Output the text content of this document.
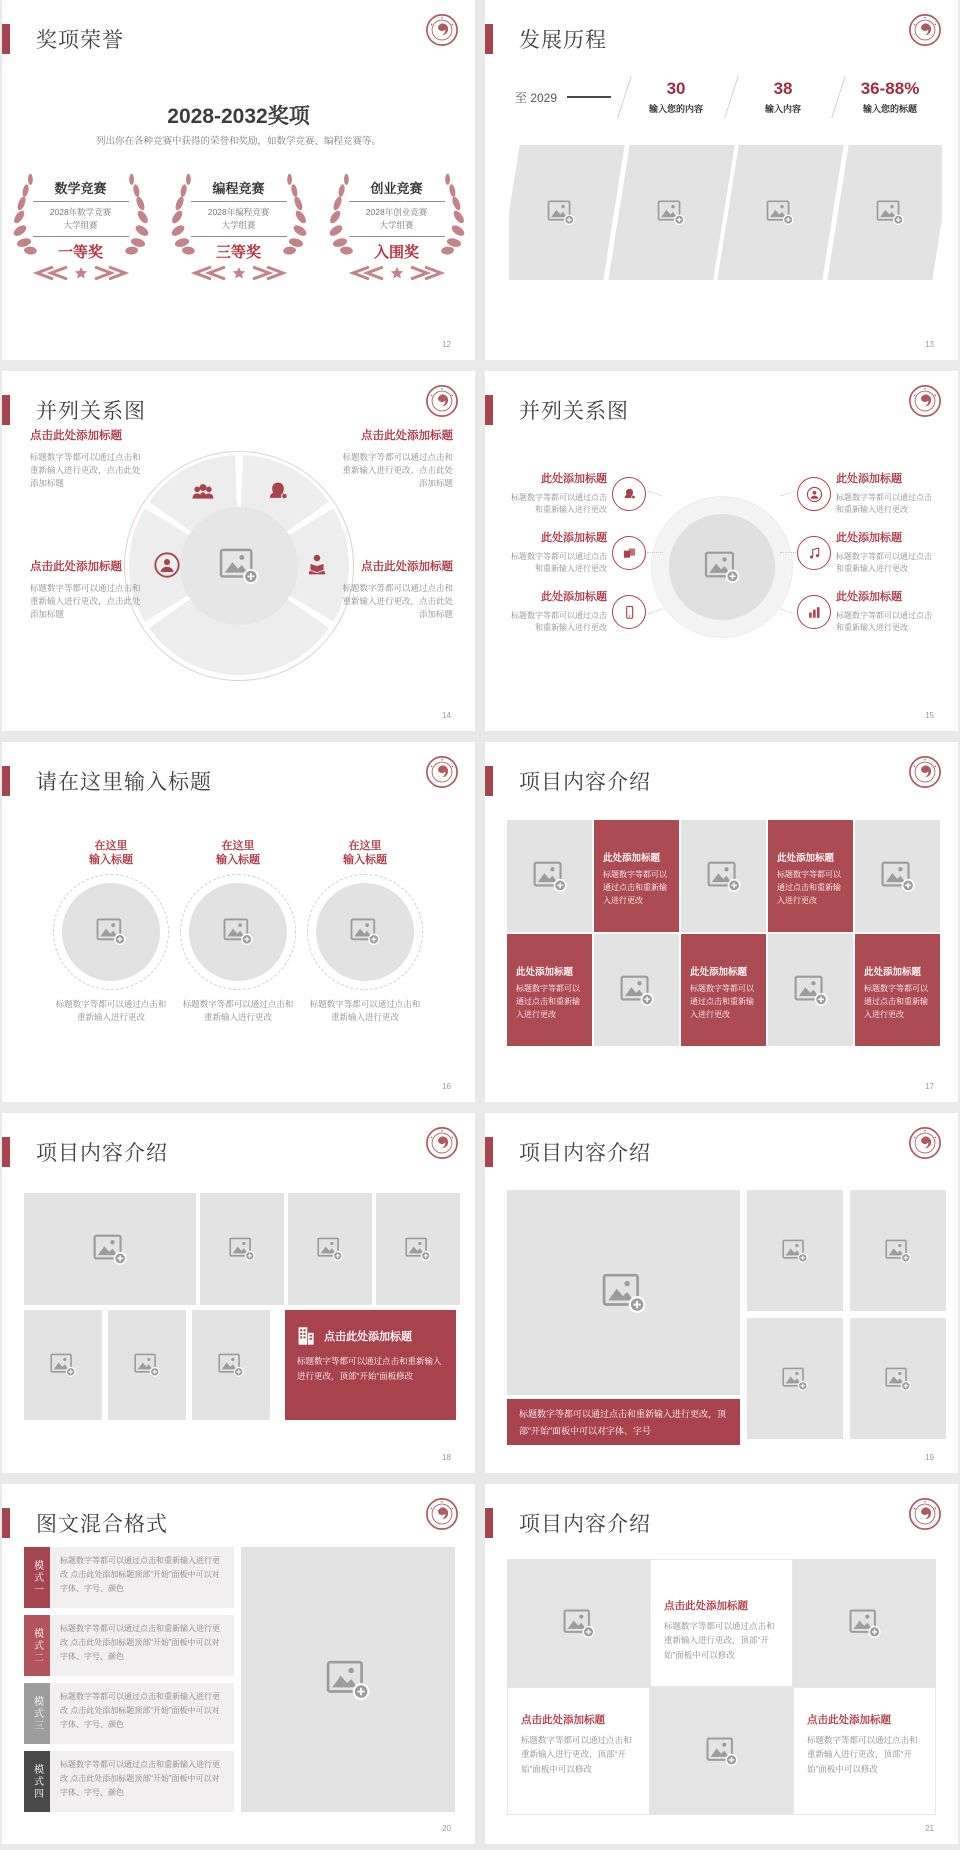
奖项荣誉
2028-2032奖项
列出你在各种竞赛中获得的荣誉和奖励，如数学竞赛、编程竞赛等。
数学竞赛
2028年数学竞赛
大学组赛
一等奖
编程竞赛
2028年编程竞赛
大学组赛
三等奖
创业竞赛
2028年创业竞赛
大学组赛
入围奖
12
发展历程
至 2029	30
输入您的内容
38
输入内容
36-88%
输入您的标题
13
并列关系图
点击此处添加标题
标题数字等都可以通过点击和重新输入进行更改，点击此处添加标题
点击此处添加标题
标题数字等都可以通过点击和重新输入进行更改，点击此处添加标题
点击此处添加标题
标题数字等都可以通过点击和重新输入进行更改，点击此处添加标题
点击此处添加标题
标题数字等都可以通过点击和重新输入进行更改，点击此处添加标题
14
并列关系图
此处添加标题
标题数字等都可以通过点击和重新输入进行更改
此处添加标题
标题数字等都可以通过点击和重新输入进行更改
此处添加标题
标题数字等都可以通过点击和重新输入进行更改
此处添加标题
标题数字等都可以通过点击和重新输入进行更改
此处添加标题
标题数字等都可以通过点击和重新输入进行更改
此处添加标题
标题数字等都可以通过点击和重新输入进行更改
15
请在这里输入标题
在这里
输入标题
标题数字等都可以通过点击和重新输入进行更改
在这里
输入标题
标题数字等都可以通过点击和重新输入进行更改
在这里
输入标题
标题数字等都可以通过点击和重新输入进行更改
16
项目内容介绍
此处添加标题
标题数字等都可以通过点击和重新输入进行更改
此处添加标题
标题数字等都可以通过点击和重新输入进行更改
此处添加标题
标题数字等都可以通过点击和重新输入进行更改
此处添加标题
标题数字等都可以通过点击和重新输入进行更改
此处添加标题
标题数字等都可以通过点击和重新输入进行更改
17
项目内容介绍
点击此处添加标题
标题数字等都可以通过点击和重新输入进行更改，顶部“开始”面板修改
18
项目内容介绍
标题数字等都可以通过点击和重新输入进行更改，顶部“开始”面板中可以对字体、字号
19
图文混合格式
模式一	标题数字等都可以通过点击和重新输入进行更改 点击此处添加标题顶部“开始”面板中可以对字体、字号、颜色
模式二	标题数字等都可以通过点击和重新输入进行更改 点击此处添加标题顶部“开始”面板中可以对字体、字号、颜色
模式三	标题数字等都可以通过点击和重新输入进行更改 点击此处添加标题顶部“开始”面板中可以对字体、字号、颜色
模式四	标题数字等都可以通过点击和重新输入进行更改 点击此处添加标题顶部“开始”面板中可以对字体、字号、颜色
20
项目内容介绍
点击此处添加标题
标题数字等都可以通过点击和重新输入进行更改，顶部“开始”面板中可以修改
点击此处添加标题
标题数字等都可以通过点击和重新输入进行更改，顶部“开始”面板中可以修改
点击此处添加标题
标题数字等都可以通过点击和重新输入进行更改，顶部“开始”面板中可以修改
21
